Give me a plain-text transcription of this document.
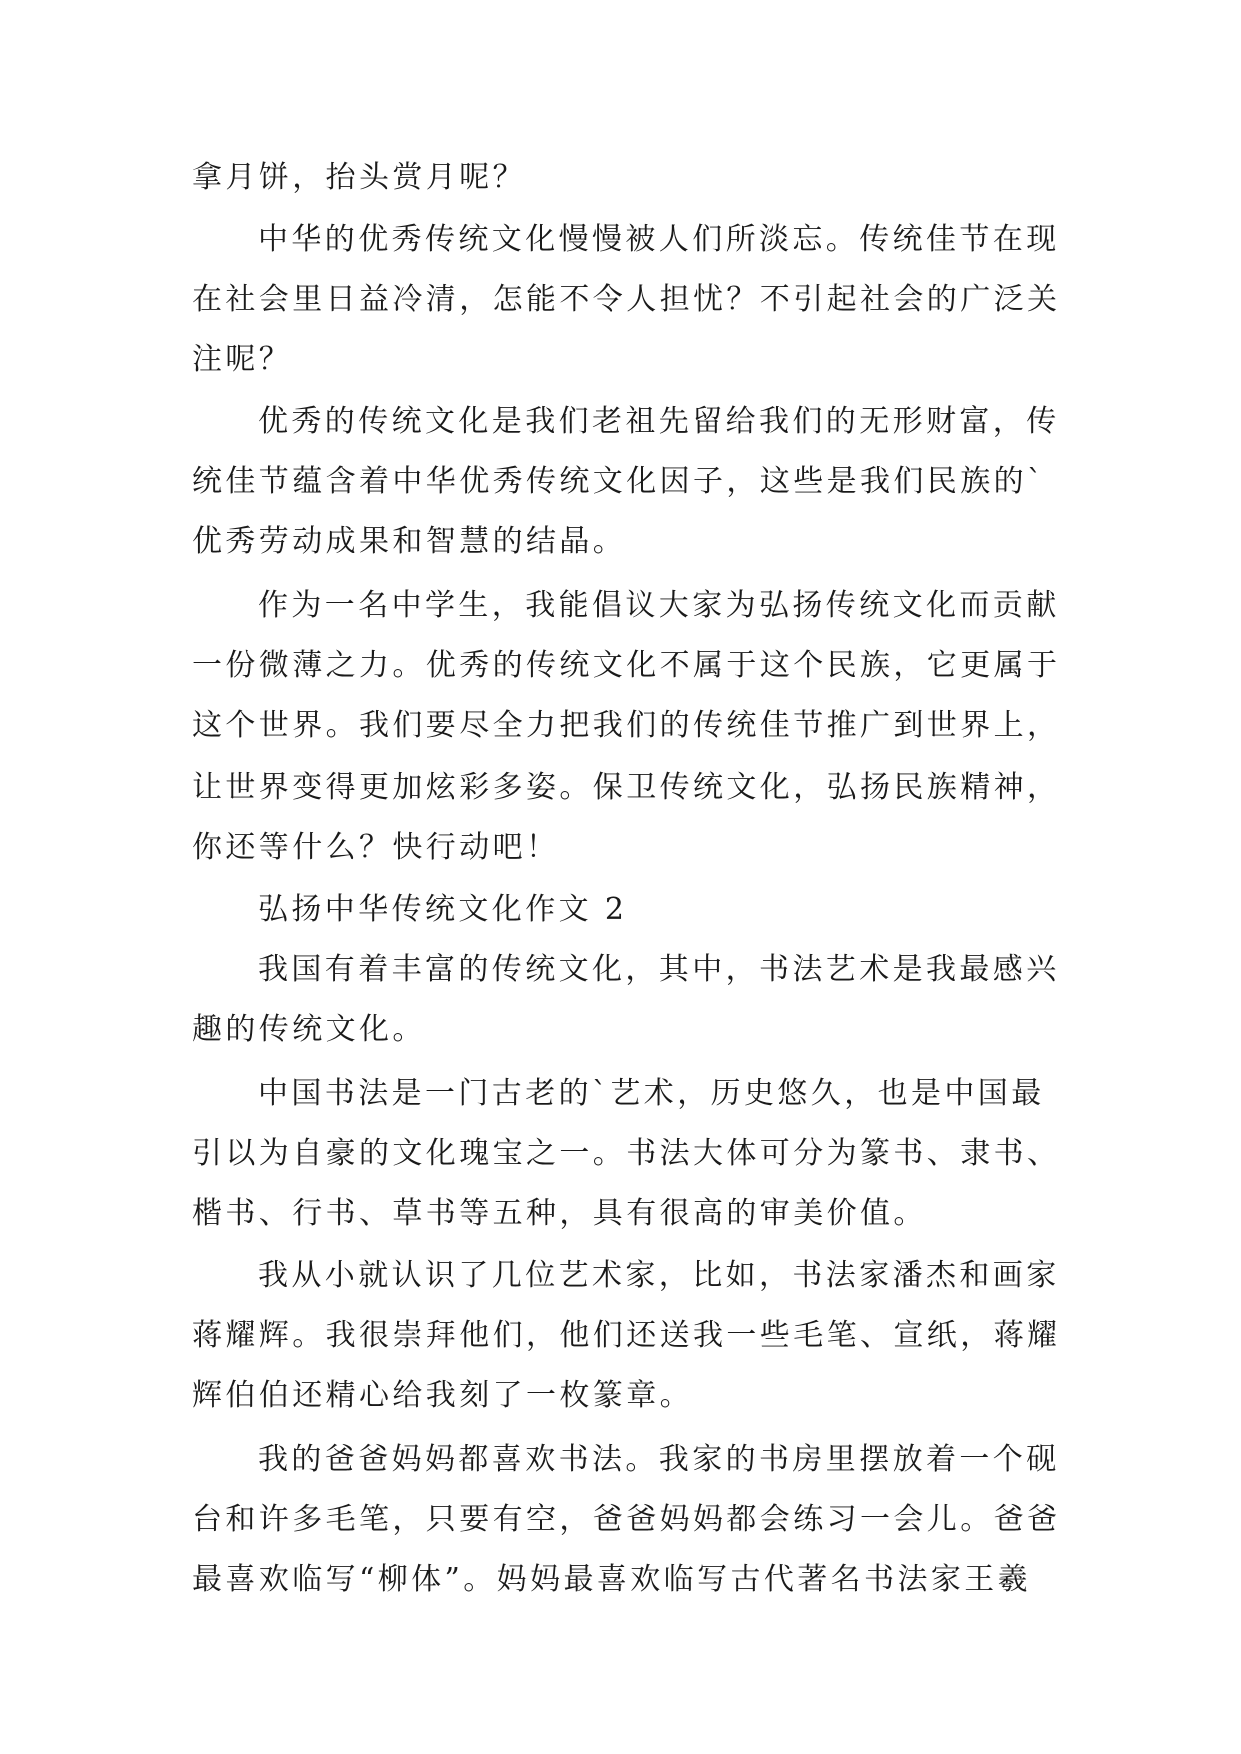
拿月饼，抬头赏月呢？
中华的优秀传统文化慢慢被人们所淡忘。传统佳节在现
在社会里日益冷清，怎能不令人担忧？不引起社会的广泛关
注呢？
优秀的传统文化是我们老祖先留给我们的无形财富，传
统佳节蕴含着中华优秀传统文化因子，这些是我们民族的`
优秀劳动成果和智慧的结晶。
作为一名中学生，我能倡议大家为弘扬传统文化而贡献
一份微薄之力。优秀的传统文化不属于这个民族，它更属于
这个世界。我们要尽全力把我们的传统佳节推广到世界上，
让世界变得更加炫彩多姿。保卫传统文化，弘扬民族精神，
你还等什么？快行动吧！
弘扬中华传统文化作文 2
我国有着丰富的传统文化，其中，书法艺术是我最感兴
趣的传统文化。
中国书法是一门古老的`艺术，历史悠久，也是中国最
引以为自豪的文化瑰宝之一。书法大体可分为篆书、隶书、
楷书、行书、草书等五种，具有很高的审美价值。
我从小就认识了几位艺术家，比如，书法家潘杰和画家
蒋耀辉。我很崇拜他们，他们还送我一些毛笔、宣纸，蒋耀
辉伯伯还精心给我刻了一枚篆章。
我的爸爸妈妈都喜欢书法。我家的书房里摆放着一个砚
台和许多毛笔，只要有空，爸爸妈妈都会练习一会儿。爸爸
最喜欢临写“柳体”。妈妈最喜欢临写古代著名书法家王羲
